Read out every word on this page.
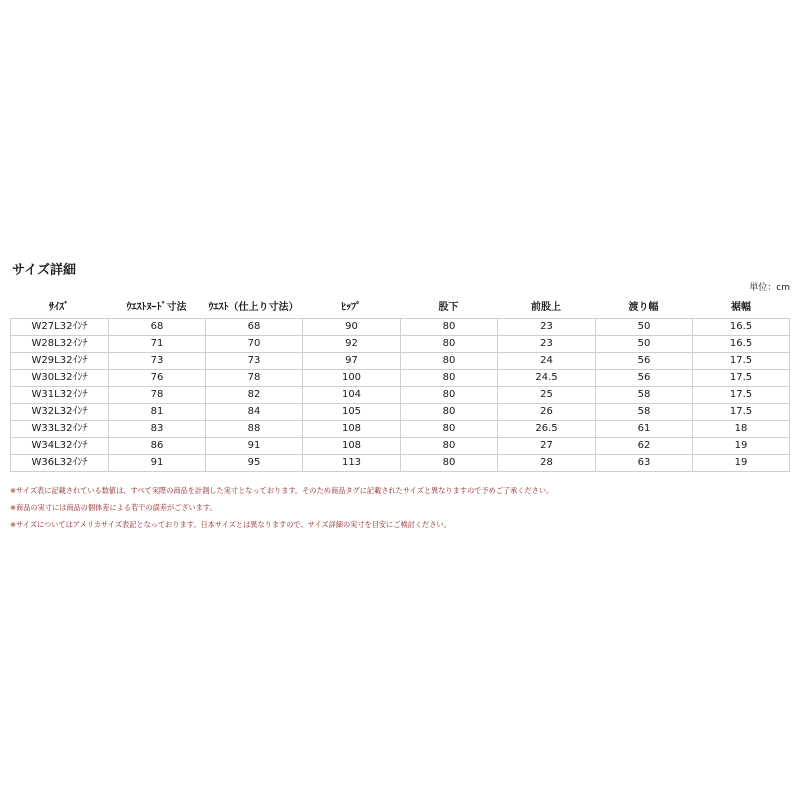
サイズ詳細
単位：cm
ｻｲｽﾞ	ｳｴｽﾄﾇｰﾄﾞ寸法	ｳｴｽﾄ（仕上り寸法）	ﾋｯﾌﾟ	股下	前股上	渡り幅	裾幅
W27L32ｲﾝﾁ	68	68	90	80	23	50	16.5
W28L32ｲﾝﾁ	71	70	92	80	23	50	16.5
W29L32ｲﾝﾁ	73	73	97	80	24	56	17.5
W30L32ｲﾝﾁ	76	78	100	80	24.5	56	17.5
W31L32ｲﾝﾁ	78	82	104	80	25	58	17.5
W32L32ｲﾝﾁ	81	84	105	80	26	58	17.5
W33L32ｲﾝﾁ	83	88	108	80	26.5	61	18
W34L32ｲﾝﾁ	86	91	108	80	27	62	19
W36L32ｲﾝﾁ	91	95	113	80	28	63	19
※サイズ表に記載されている数値は、すべて実際の商品を計測した実寸となっております。そのため商品タグに記載されたサイズと異なりますので予めご了承ください。
※商品の実寸には商品の個体差による若干の誤差がございます。
※サイズについてはアメリカサイズ表記となっております。日本サイズとは異なりますので、サイズ詳細の実寸を目安にご検討ください。
